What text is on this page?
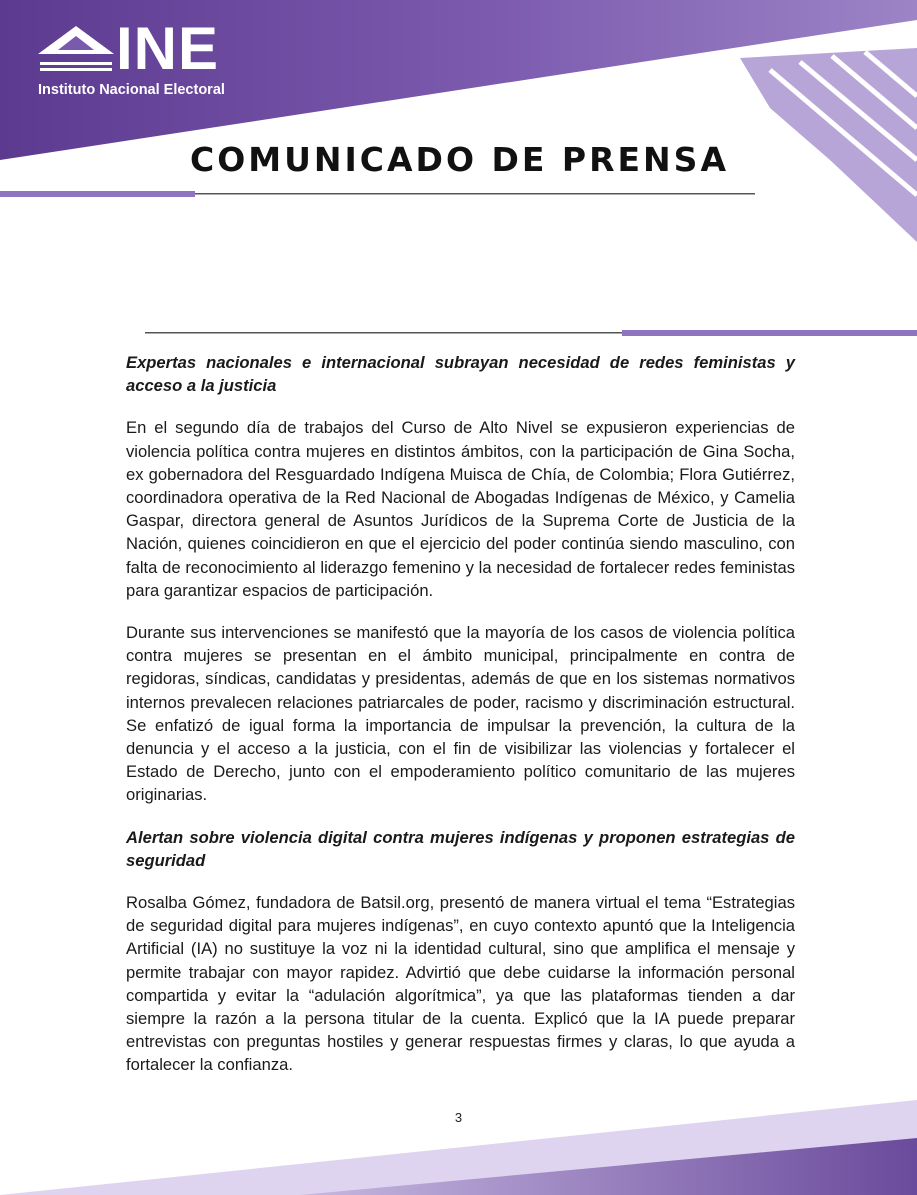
INE
Instituto Nacional Electoral
COMUNICADO DE PRENSA
Expertas nacionales e internacional subrayan necesidad de redes feministas y acceso a la justicia

En el segundo día de trabajos del Curso de Alto Nivel se expusieron experiencias de violencia política contra mujeres en distintos ámbitos, con la participación de Gina Socha, ex gobernadora del Resguardado Indígena Muisca de Chía, de Colombia; Flora Gutiérrez, coordinadora operativa de la Red Nacional de Abogadas Indígenas de México, y Camelia Gaspar, directora general de Asuntos Jurídicos de la Suprema Corte de Justicia de la Nación, quienes coincidieron en que el ejercicio del poder continúa siendo masculino, con falta de reconocimiento al liderazgo femenino y la necesidad de fortalecer redes feministas para garantizar espacios de participación.

Durante sus intervenciones se manifestó que la mayoría de los casos de violencia política contra mujeres se presentan en el ámbito municipal, principalmente en contra de regidoras, síndicas, candidatas y presidentas, además de que en los sistemas normativos internos prevalecen relaciones patriarcales de poder, racismo y discriminación estructural. Se enfatizó de igual forma la importancia de impulsar la prevención, la cultura de la denuncia y el acceso a la justicia, con el fin de visibilizar las violencias y fortalecer el Estado de Derecho, junto con el empoderamiento político comunitario de las mujeres originarias.

Alertan sobre violencia digital contra mujeres indígenas y proponen estrategias de seguridad

Rosalba Gómez, fundadora de Batsil.org, presentó de manera virtual el tema “Estrategias de seguridad digital para mujeres indígenas”, en cuyo contexto apuntó que la Inteligencia Artificial (IA) no sustituye la voz ni la identidad cultural, sino que amplifica el mensaje y permite trabajar con mayor rapidez. Advirtió que debe cuidarse la información personal compartida y evitar la “adulación algorítmica”, ya que las plataformas tienden a dar siempre la razón a la persona titular de la cuenta. Explicó que la IA puede preparar entrevistas con preguntas hostiles y generar respuestas firmes y claras, lo que ayuda a fortalecer la confianza.

3
